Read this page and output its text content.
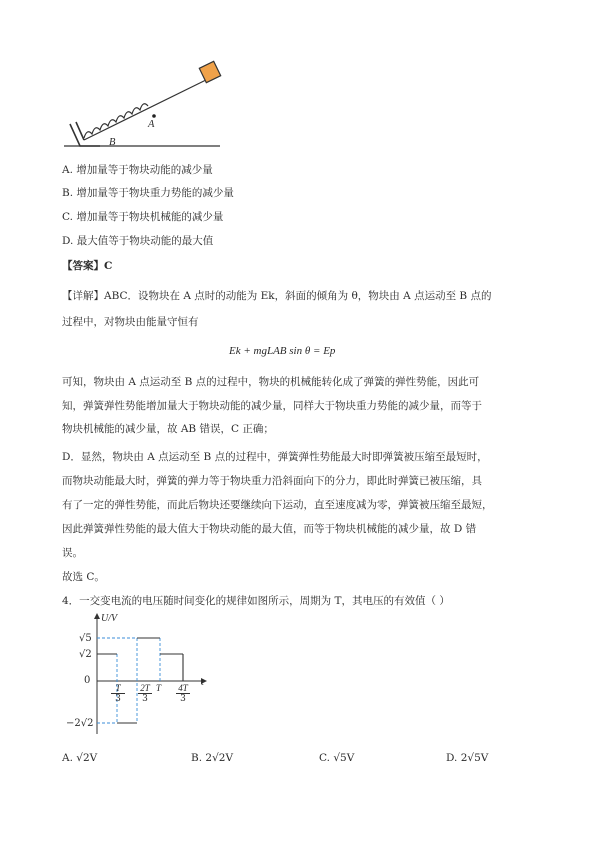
A
B
A. 增加量等于物块动能的减少量
B. 增加量等于物块重力势能的减少量
C. 增加量等于物块机械能的减少量
D. 最大值等于物块动能的最大值
【答案】C
【详解】ABC．设物块在 A 点时的动能为 Ek，斜面的倾角为 θ，物块由 A 点运动至 B 点的
过程中，对物块由能量守恒有
Ek + mgLAB sin θ = Ep
可知，物块由 A 点运动至 B 点的过程中，物块的机械能转化成了弹簧的弹性势能，因此可
知，弹簧弹性势能增加量大于物块动能的减少量，同样大于物块重力势能的减少量，而等于
物块机械能的减少量，故 AB 错误，C 正确；
D．显然，物块由 A 点运动至 B 点的过程中，弹簧弹性势能最大时即弹簧被压缩至最短时，
而物块动能最大时，弹簧的弹力等于物块重力沿斜面向下的分力，即此时弹簧已被压缩，具
有了一定的弹性势能，而此后物块还要继续向下运动，直至速度减为零，弹簧被压缩至最短，
因此弹簧弹性势能的最大值大于物块动能的最大值，而等于物块机械能的减少量，故 D 错
误。
故选 C。
4．一交变电流的电压随时间变化的规律如图所示，周期为 T，其电压的有效值（ ）
U/V
√5
√2
0
−2√2
t
T
3
2T
3
T 4T
3
A. √2V	B. 2√2V	C. √5V	D. 2√5V
